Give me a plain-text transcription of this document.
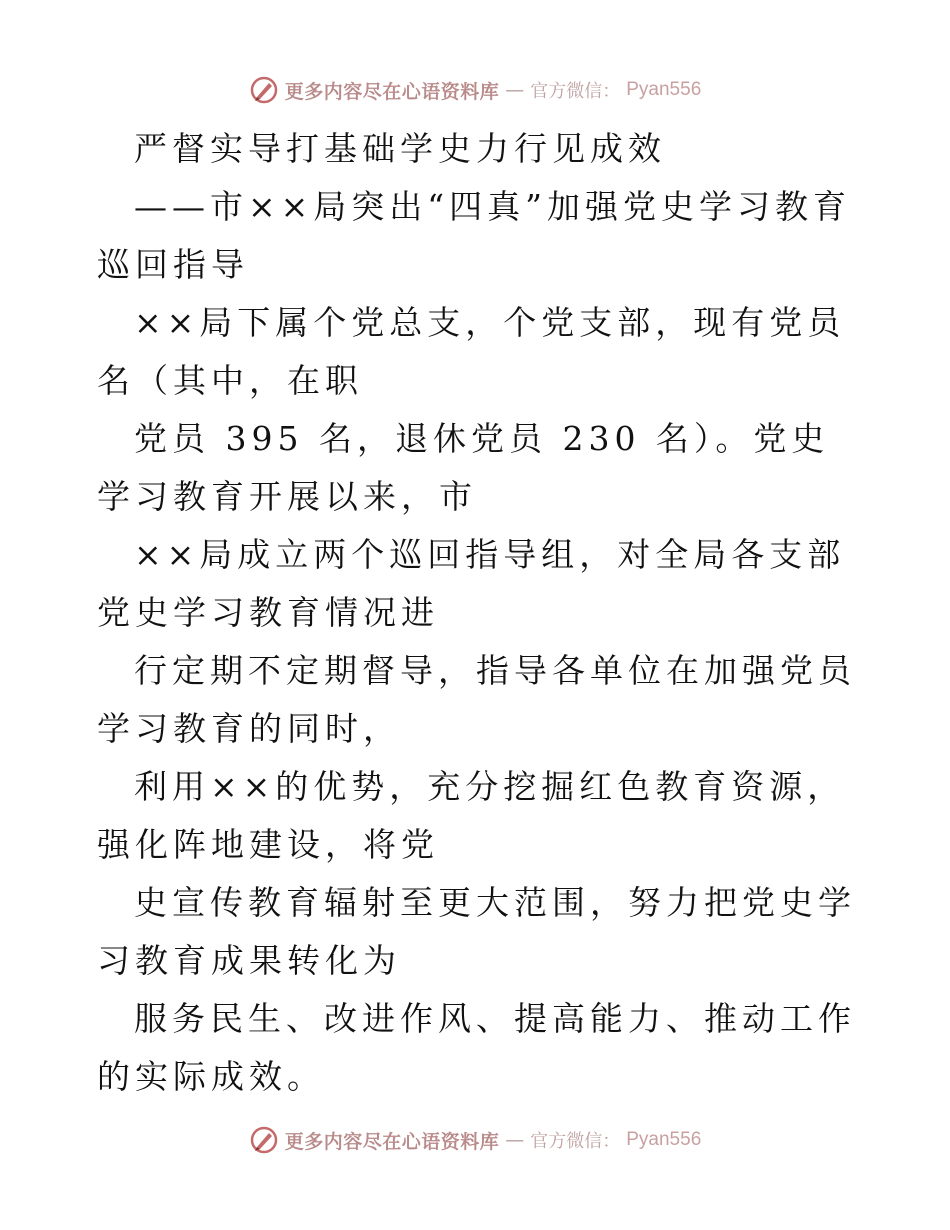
更多内容尽在心语资料库 — 官方微信： Pyan556

严督实导打基础学史力行见成效

——市××局突出“四真”加强党史学习教育巡回指导

××局下属个党总支，个党支部，现有党员名（其中，在职

党员 395 名，退休党员 230 名）。党史学习教育开展以来，市

××局成立两个巡回指导组，对全局各支部党史学习教育情况进

行定期不定期督导，指导各单位在加强党员学习教育的同时，

利用××的优势，充分挖掘红色教育资源，强化阵地建设，将党

史宣传教育辐射至更大范围，努力把党史学习教育成果转化为

服务民生、改进作风、提高能力、推动工作的实际成效。

更多内容尽在心语资料库 — 官方微信： Pyan556
